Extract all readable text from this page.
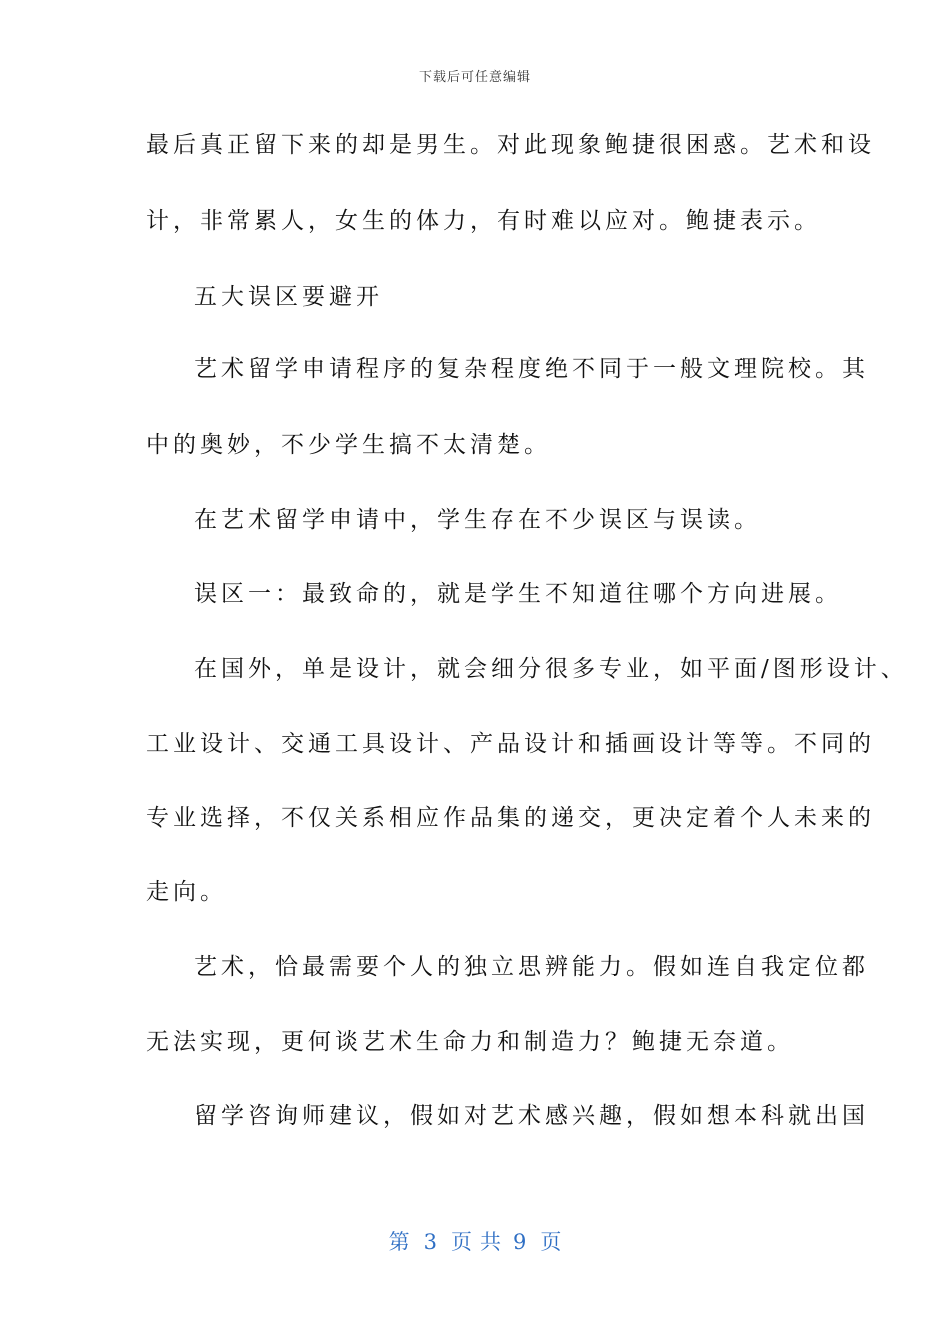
下载后可任意编辑
最后真正留下来的却是男生。对此现象鲍捷很困惑。艺术和设
计，非常累人，女生的体力，有时难以应对。鲍捷表示。
五大误区要避开
艺术留学申请程序的复杂程度绝不同于一般文理院校。其
中的奥妙，不少学生搞不太清楚。
在艺术留学申请中，学生存在不少误区与误读。
误区一：最致命的，就是学生不知道往哪个方向进展。
在国外，单是设计，就会细分很多专业，如平面/图形设计、
工业设计、交通工具设计、产品设计和插画设计等等。不同的
专业选择，不仅关系相应作品集的递交，更决定着个人未来的
走向。
艺术，恰最需要个人的独立思辨能力。假如连自我定位都
无法实现，更何谈艺术生命力和制造力？鲍捷无奈道。
留学咨询师建议，假如对艺术感兴趣，假如想本科就出国
第 3 页共 9 页
